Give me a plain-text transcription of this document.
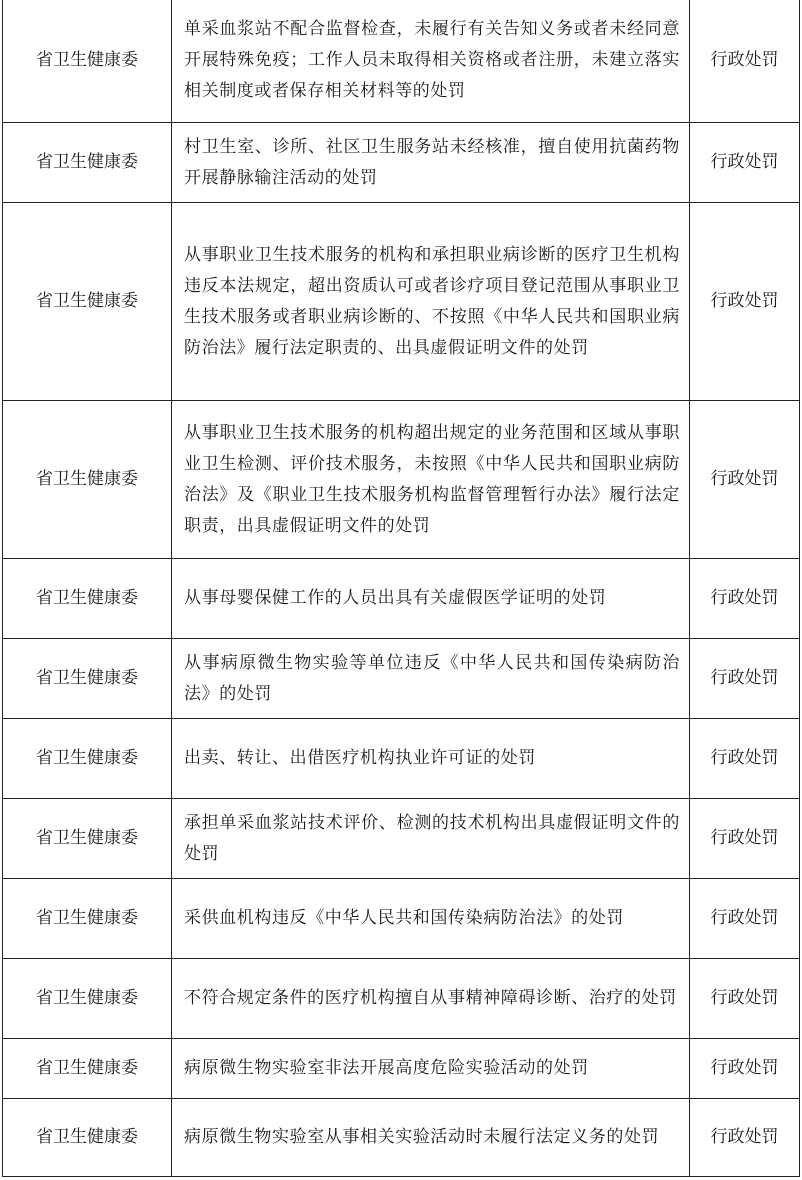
省卫生健康委	单采血浆站不配合监督检查，未履行有关告知义务或者未经同意开展特殊免疫；工作人员未取得相关资格或者注册，未建立落实相关制度或者保存相关材料等的处罚	行政处罚
省卫生健康委	村卫生室、诊所、社区卫生服务站未经核准，擅自使用抗菌药物开展静脉输注活动的处罚	行政处罚
省卫生健康委	从事职业卫生技术服务的机构和承担职业病诊断的医疗卫生机构违反本法规定，超出资质认可或者诊疗项目登记范围从事职业卫生技术服务或者职业病诊断的、不按照《中华人民共和国职业病防治法》履行法定职责的、出具虚假证明文件的处罚	行政处罚
省卫生健康委	从事职业卫生技术服务的机构超出规定的业务范围和区域从事职业卫生检测、评价技术服务，未按照《中华人民共和国职业病防治法》及《职业卫生技术服务机构监督管理暂行办法》履行法定职责，出具虚假证明文件的处罚	行政处罚
省卫生健康委	从事母婴保健工作的人员出具有关虚假医学证明的处罚	行政处罚
省卫生健康委	从事病原微生物实验等单位违反《中华人民共和国传染病防治法》的处罚	行政处罚
省卫生健康委	出卖、转让、出借医疗机构执业许可证的处罚	行政处罚
省卫生健康委	承担单采血浆站技术评价、检测的技术机构出具虚假证明文件的处罚	行政处罚
省卫生健康委	采供血机构违反《中华人民共和国传染病防治法》的处罚	行政处罚
省卫生健康委	不符合规定条件的医疗机构擅自从事精神障碍诊断、治疗的处罚	行政处罚
省卫生健康委	病原微生物实验室非法开展高度危险实验活动的处罚	行政处罚
省卫生健康委	病原微生物实验室从事相关实验活动时未履行法定义务的处罚	行政处罚
